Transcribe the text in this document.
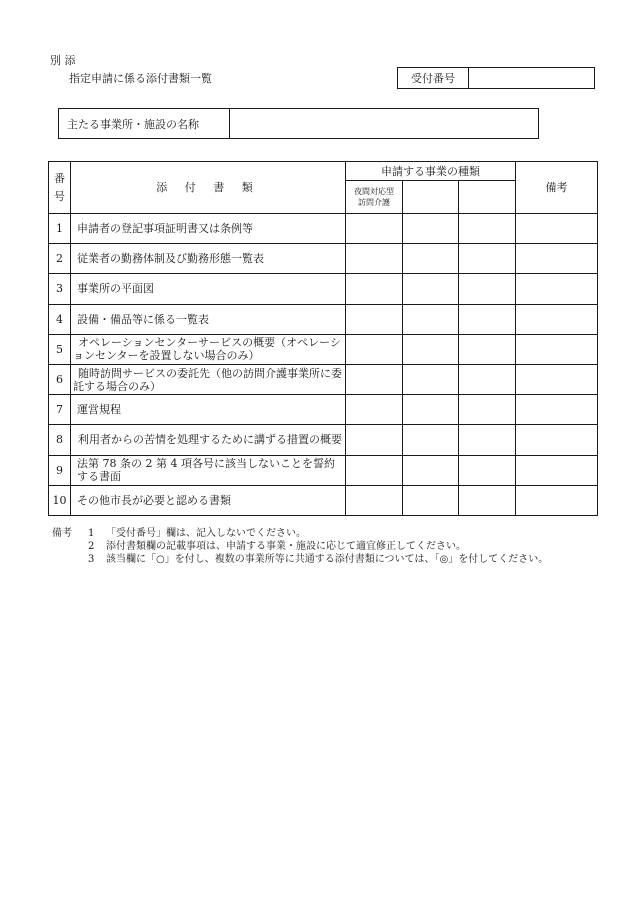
別 添
指定申請に係る添付書類一覧	受付番号
主たる事業所・施設の名称
番
号	添 付 書 類	申請する事業の種類			備考
		夜間対応型
訪問介護			
1	申請者の登記事項証明書又は条例等				
2	従業者の勤務体制及び勤務形態一覧表				
3	事業所の平面図				
4	設備・備品等に係る一覧表				
5	オペレーションセンターサービスの概要（オペレーションセンターを設置しない場合のみ）				
6	随時訪問サービスの委託先（他の訪問介護事業所に委託する場合のみ）				
7	運営規程				
8	利用者からの苦情を処理するために講ずる措置の概要				
9	法第 78 条の 2 第 4 項各号に該当しないことを誓約する書面				
10	その他市長が必要と認める書類				
備考 1 「受付番号」欄は、記入しないでください。
2 添付書類欄の記載事項は、申請する事業・施設に応じて適宜修正してください。
3 該当欄に「○」を付し、複数の事業所等に共通する添付書類については、「◎」を付してください。
